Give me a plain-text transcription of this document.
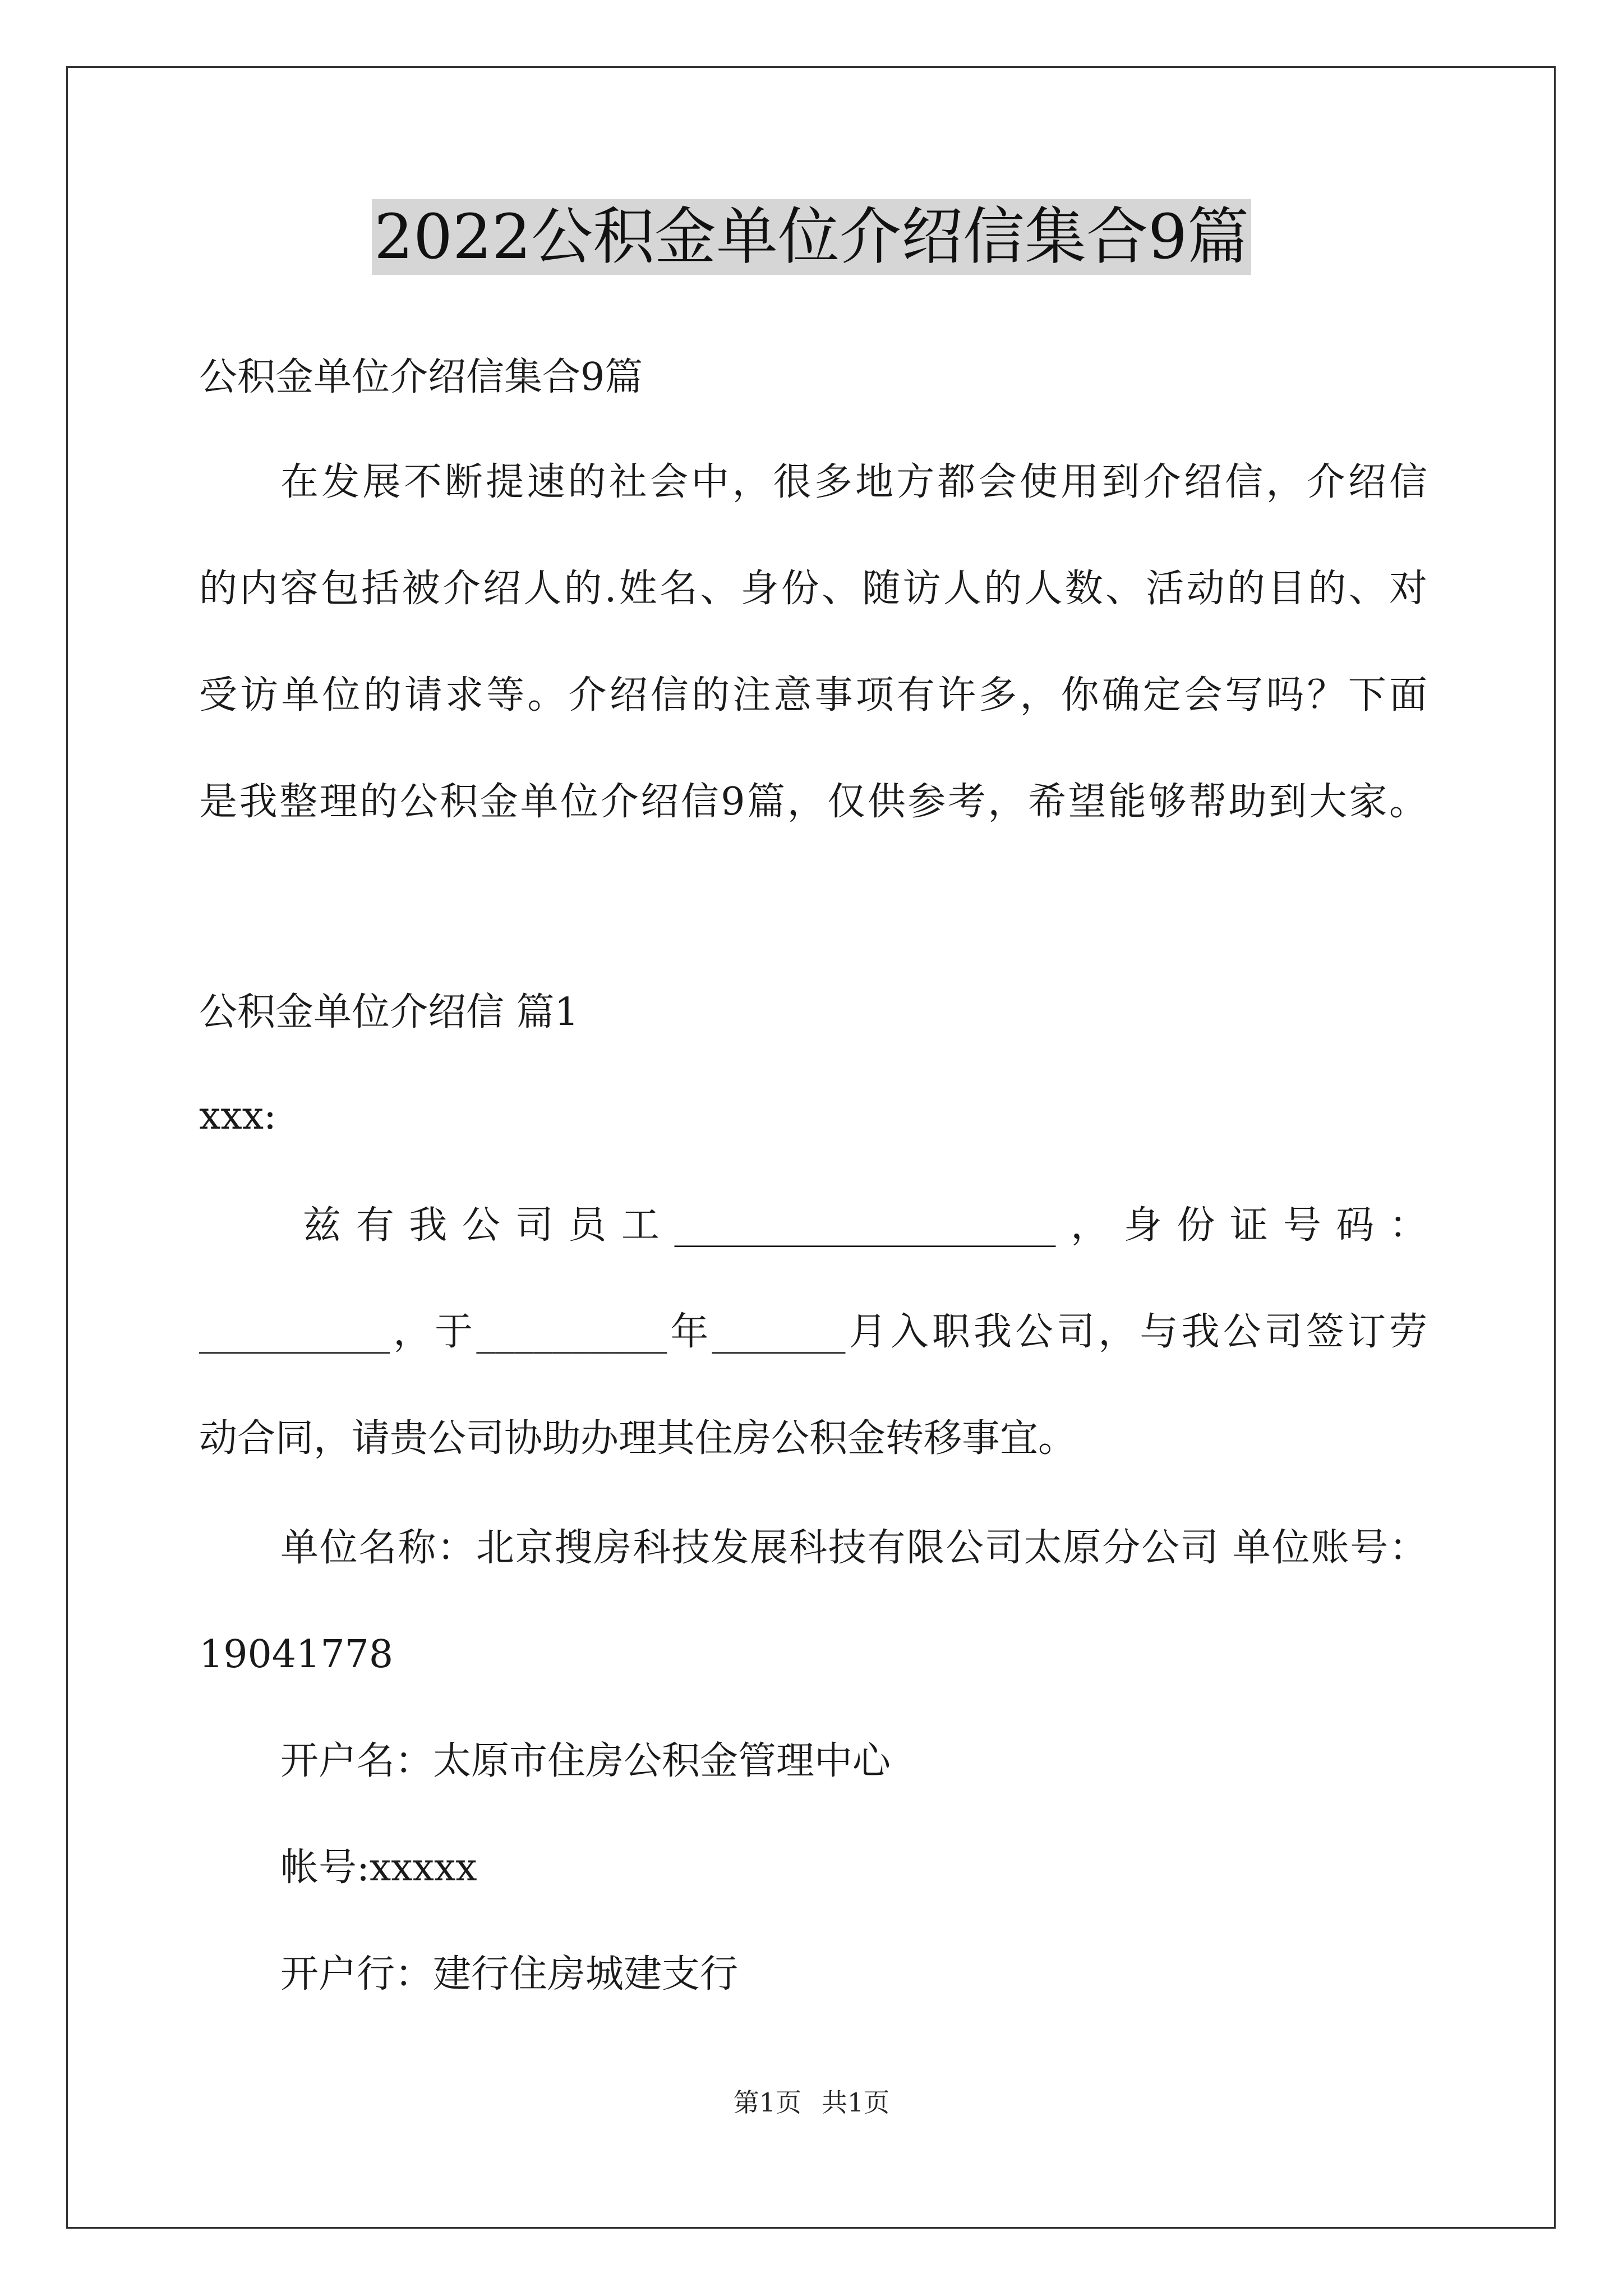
2022公积金单位介绍信集合9篇
公积金单位介绍信集合9篇
在发展不断提速的社会中，很多地方都会使用到介绍信，介绍信
的内容包括被介绍人的.姓名、身份、随访人的人数、活动的目的、对
受访单位的请求等。介绍信的注意事项有许多，你确定会写吗？下面
是我整理的公积金单位介绍信9篇，仅供参考，希望能够帮助到大家。
公积金单位介绍信 篇1
xxx:
兹有我公司员工____________________，身份证号码：
__________，于__________年_______月入职我公司，与我公司签订劳
动合同，请贵公司协助办理其住房公积金转移事宜。
单位名称：北京搜房科技发展科技有限公司太原分公司 单位账号：
19041778
开户名：太原市住房公积金管理中心
帐号:xxxxx
开户行：建行住房城建支行
第1页 共1页
